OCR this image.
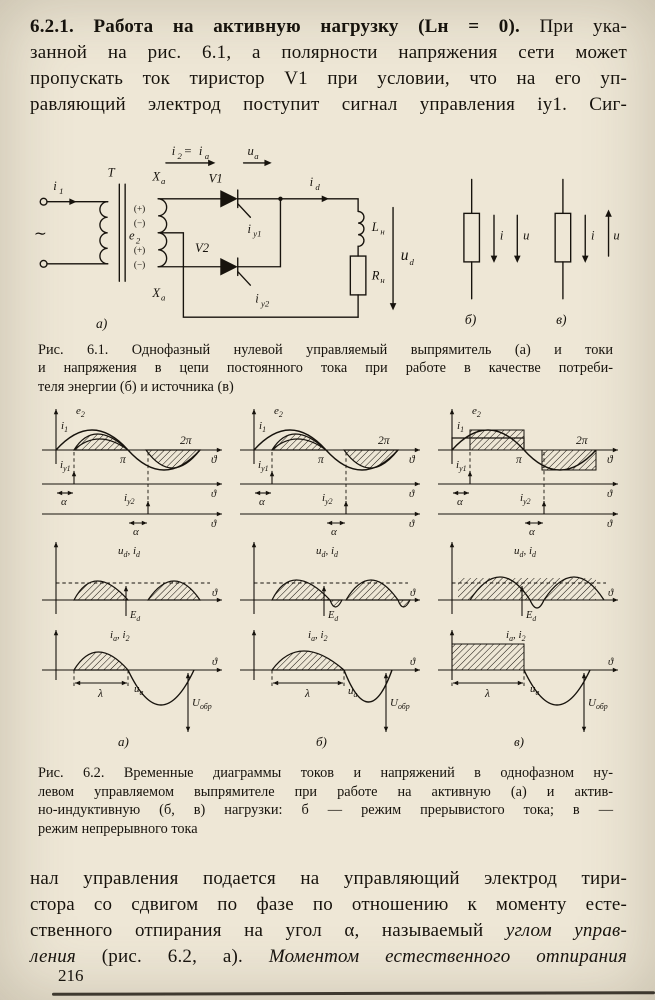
6.2.1. Работа на активную нагрузку (Lн = 0). При ука-
занной на рис. 6.1, а полярности напряжения сети может
пропускать ток тиристор V1 при условии, что на его уп-
равляющий электрод поступит сигнал управления iу1. Сиг-
∼
i 1
T	X а
X а
e 2
(+)
(−)
(+)
(−)
i 2 = i а	u а
V1
V2
i у1
i у2
i d
L н
R н
u d
а)
i u	i u
б)	в)
Рис. 6.1. Однофазный нулевой управляемый выпрямитель (а) и токи
и напряжения в цепи постоянного тока при работе в качестве потреби-
теля энергии (б) и источника (в)
$e_2$
$i_1$
π
2π
ϑ
$i_{у1}$
α
ϑ
$i_{у2}$
α
ϑ
$u_d$, $i_d$
$E_d$
ϑ
ϑ
$u_а$
$i_а$, $i_2$
λ
$U_{обр}$
а)
$e_2$
$i_1$
π
2π
ϑ
$i_{у1}$
α
ϑ
$i_{у2}$
α
ϑ
$u_d$, $i_d$
$E_d$
ϑ
ϑ
$u_а$
$i_а$, $i_2$
λ
$U_{обр}$
б)
$e_2$
$i_1$
π
2π
ϑ
$i_{у1}$
α
ϑ
$i_{у2}$
α
ϑ
$u_d$, $i_d$
$E_d$
ϑ
ϑ
$u_а$
$i_а$, $i_2$
λ
$U_{обр}$
в)
Рис. 6.2. Временные диаграммы токов и напряжений в однофазном ну-
левом управляемом выпрямителе при работе на активную (а) и актив-
но-индуктивную (б, в) нагрузки: б — режим прерывистого тока; в —
режим непрерывного тока
нал управления подается на управляющий электрод тири-
стора со сдвигом по фазе по отношению к моменту есте-
ственного отпирания на угол α, называемый углом управ-
ления (рис. 6.2, а). Моментом естественного отпирания
216
